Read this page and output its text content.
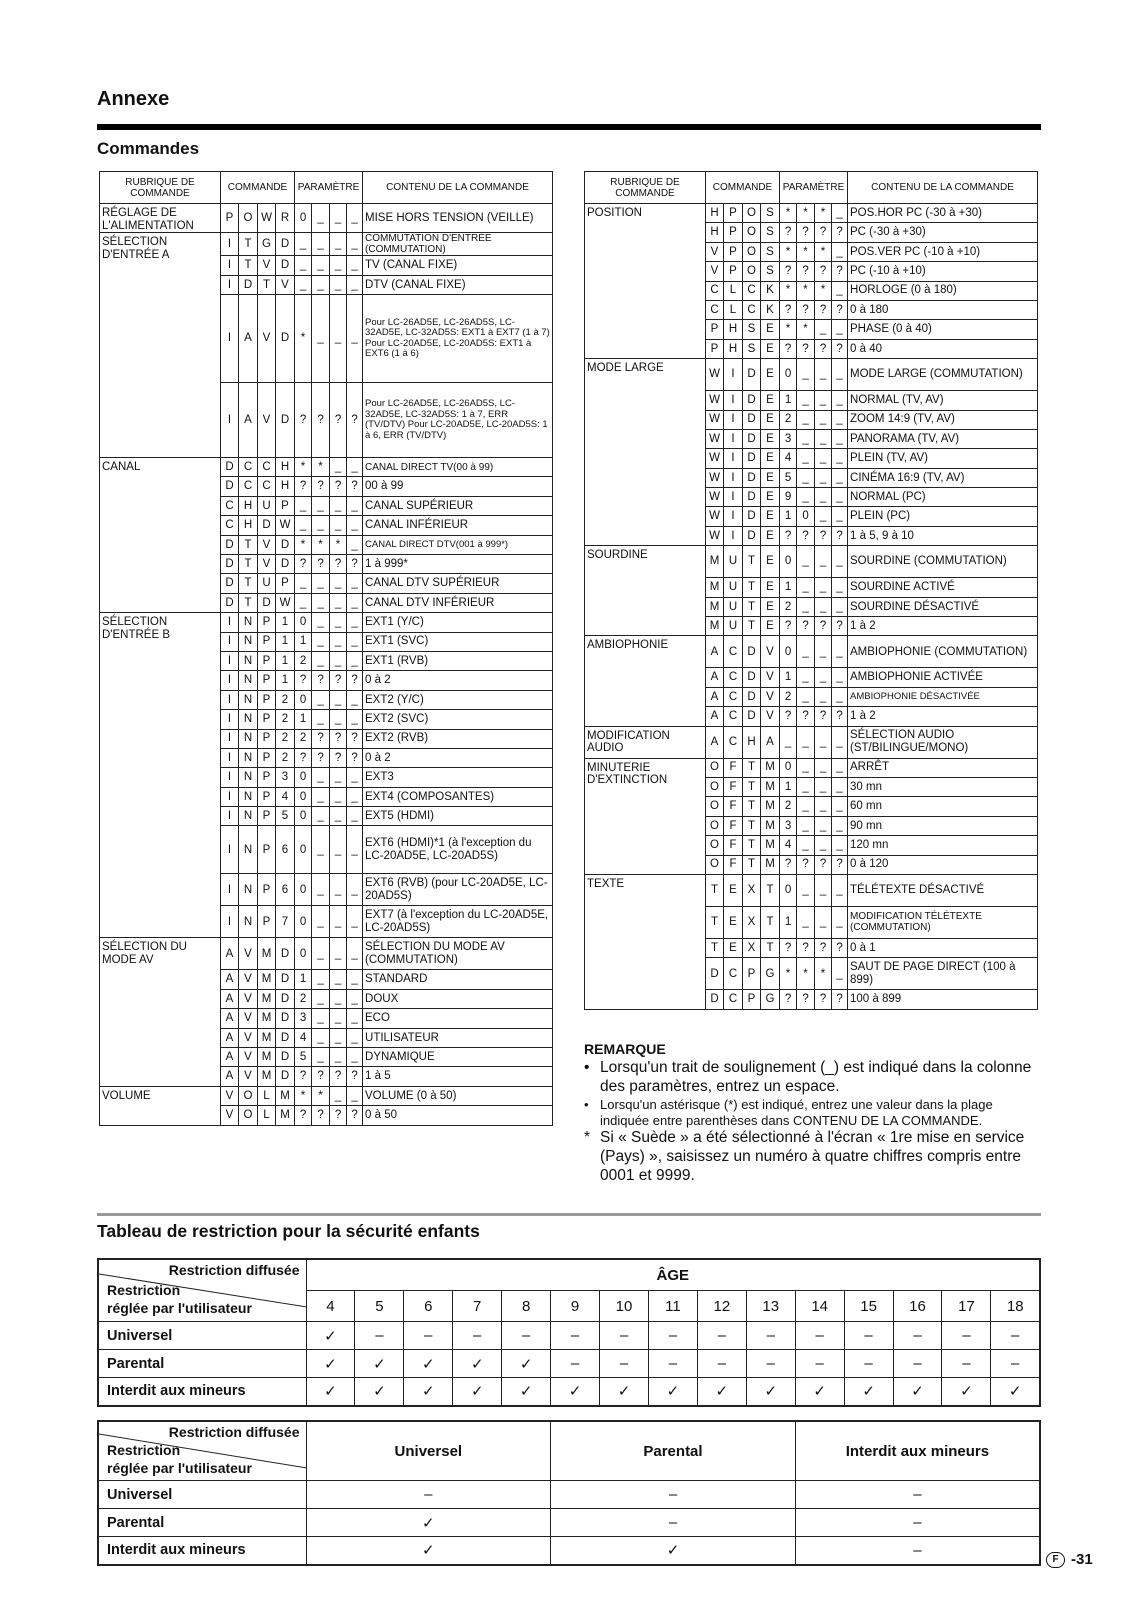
Annexe
Commandes
RUBRIQUE DE COMMANDE	COMMANDE				PARAMÈTRE				CONTENU DE LA COMMANDE
RÉGLAGE DE L'ALIMENTATION	P	O	W	R	0	_	_	_	MISE HORS TENSION (VEILLE)
SÉLECTION D'ENTRÉE A	I	T	G	D	_	_	_	_	COMMUTATION D'ENTRÉE (COMMUTATION)
	I	T	V	D	_	_	_	_	TV (CANAL FIXE)
	I	D	T	V	_	_	_	_	DTV (CANAL FIXE)
	I	A	V	D	*	_	_	_	Pour LC-26AD5E, LC-26AD5S, LC-32AD5E, LC-32AD5S: EXT1 à EXT7 (1 à 7) Pour LC-20AD5E, LC-20AD5S: EXT1 à EXT6 (1 à 6)
	I	A	V	D	?	?	?	?	Pour LC-26AD5E, LC-26AD5S, LC-32AD5E, LC-32AD5S: 1 à 7, ERR (TV/DTV) Pour LC-20AD5E, LC-20AD5S: 1 à 6, ERR (TV/DTV)
CANAL	D	C	C	H	*	*	_	_	CANAL DIRECT TV(00 à 99)
	D	C	C	H	?	?	?	?	00 à 99
	C	H	U	P	_	_	_	_	CANAL SUPÉRIEUR
	C	H	D	W	_	_	_	_	CANAL INFÉRIEUR
	D	T	V	D	*	*	*	_	CANAL DIRECT DTV(001 à 999*)
	D	T	V	D	?	?	?	?	1 à 999*
	D	T	U	P	_	_	_	_	CANAL DTV SUPÉRIEUR
	D	T	D	W	_	_	_	_	CANAL DTV INFÉRIEUR
SÉLECTION D'ENTRÉE B	I	N	P	1	0	_	_	_	EXT1 (Y/C)
	I	N	P	1	1	_	_	_	EXT1 (SVC)
	I	N	P	1	2	_	_	_	EXT1 (RVB)
	I	N	P	1	?	?	?	?	0 à 2
	I	N	P	2	0	_	_	_	EXT2 (Y/C)
	I	N	P	2	1	_	_	_	EXT2 (SVC)
	I	N	P	2	2	?	?	?	EXT2 (RVB)
	I	N	P	2	?	?	?	?	0 à 2
	I	N	P	3	0	_	_	_	EXT3
	I	N	P	4	0	_	_	_	EXT4 (COMPOSANTES)
	I	N	P	5	0	_	_	_	EXT5 (HDMI)
	I	N	P	6	0	_	_	_	EXT6 (HDMI)*1 (à l'exception du LC-20AD5E, LC-20AD5S)
	I	N	P	6	0	_	_	_	EXT6 (RVB) (pour LC-20AD5E, LC-20AD5S)
	I	N	P	7	0	_	_	_	EXT7 (à l'exception du LC-20AD5E, LC-20AD5S)
SÉLECTION DU MODE AV	A	V	M	D	0	_	_	_	SÉLECTION DU MODE AV (COMMUTATION)
	A	V	M	D	1	_	_	_	STANDARD
	A	V	M	D	2	_	_	_	DOUX
	A	V	M	D	3	_	_	_	ECO
	A	V	M	D	4	_	_	_	UTILISATEUR
	A	V	M	D	5	_	_	_	DYNAMIQUE
	A	V	M	D	?	?	?	?	1 à 5
VOLUME	V	O	L	M	*	*	_	_	VOLUME (0 à 50)
	V	O	L	M	?	?	?	?	0 à 50
RUBRIQUE DE COMMANDE	COMMANDE				PARAMÈTRE				CONTENU DE LA COMMANDE
POSITION	H	P	O	S	*	*	*	_	POS.HOR PC (-30 à +30)
	H	P	O	S	?	?	?	?	PC (-30 à +30)
	V	P	O	S	*	*	*	_	POS.VER PC (-10 à +10)
	V	P	O	S	?	?	?	?	PC (-10 à +10)
	C	L	C	K	*	*	*	_	HORLOGE (0 à 180)
	C	L	C	K	?	?	?	?	0 à 180
	P	H	S	E	*	*	_	_	PHASE (0 à 40)
	P	H	S	E	?	?	?	?	0 à 40
MODE LARGE	W	I	D	E	0	_	_	_	MODE LARGE (COMMUTATION)
	W	I	D	E	1	_	_	_	NORMAL (TV, AV)
	W	I	D	E	2	_	_	_	ZOOM 14:9 (TV, AV)
	W	I	D	E	3	_	_	_	PANORAMA (TV, AV)
	W	I	D	E	4	_	_	_	PLEIN (TV, AV)
	W	I	D	E	5	_	_	_	CINÉMA 16:9 (TV, AV)
	W	I	D	E	9	_	_	_	NORMAL (PC)
	W	I	D	E	1	0	_	_	PLEIN (PC)
	W	I	D	E	?	?	?	?	1 à 5, 9 à 10
SOURDINE	M	U	T	E	0	_	_	_	SOURDINE (COMMUTATION)
	M	U	T	E	1	_	_	_	SOURDINE ACTIVÉ
	M	U	T	E	2	_	_	_	SOURDINE DÉSACTIVÉ
	M	U	T	E	?	?	?	?	1 à 2
AMBIOPHONIE	A	C	D	V	0	_	_	_	AMBIOPHONIE (COMMUTATION)
	A	C	D	V	1	_	_	_	AMBIOPHONIE ACTIVÉE
	A	C	D	V	2	_	_	_	AMBIOPHONIE DÉSACTIVÉE
	A	C	D	V	?	?	?	?	1 à 2
MODIFICATION AUDIO	A	C	H	A	_	_	_	_	SÉLECTION AUDIO (ST/BILINGUE/MONO)
MINUTERIE D'EXTINCTION	O	F	T	M	0	_	_	_	ARRÊT
	O	F	T	M	1	_	_	_	30 mn
	O	F	T	M	2	_	_	_	60 mn
	O	F	T	M	3	_	_	_	90 mn
	O	F	T	M	4	_	_	_	120 mn
	O	F	T	M	?	?	?	?	0 à 120
TEXTE	T	E	X	T	0	_	_	_	TÉLÉTEXTE DÉSACTIVÉ
	T	E	X	T	1	_	_	_	MODIFICATION TÉLÉTEXTE (COMMUTATION)
	T	E	X	T	?	?	?	?	0 à 1
	D	C	P	G	*	*	*	_	SAUT DE PAGE DIRECT (100 à 899)
	D	C	P	G	?	?	?	?	100 à 899
REMARQUE
• Lorsqu'un trait de soulignement (_) est indiqué dans la colonne des paramètres, entrez un espace.
• Lorsqu'un astérisque (*) est indiqué, entrez une valeur dans la plage indiquée entre parenthèses dans CONTENU DE LA COMMANDE.
* Si « Suède » a été sélectionné à l'écran « 1re mise en service (Pays) », saisissez un numéro à quatre chiffres compris entre 0001 et 9999.
Tableau de restriction pour la sécurité enfants
Restriction diffusée
Restriction
réglée par l'utilisateur	ÂGE														
	4	5	6	7	8	9	10	11	12	13	14	15	16	17	18
Universel	✓	–	–	–	–	–	–	–	–	–	–	–	–	–	–
Parental	✓	✓	✓	✓	✓	–	–	–	–	–	–	–	–	–	–
Interdit aux mineurs	✓	✓	✓	✓	✓	✓	✓	✓	✓	✓	✓	✓	✓	✓	✓
Restriction diffusée
Restriction
réglée par l'utilisateur	Universel	Parental	Interdit aux mineurs
Universel	–	–	–
Parental	✓	–	–
Interdit aux mineurs	✓	✓	–
F -31
